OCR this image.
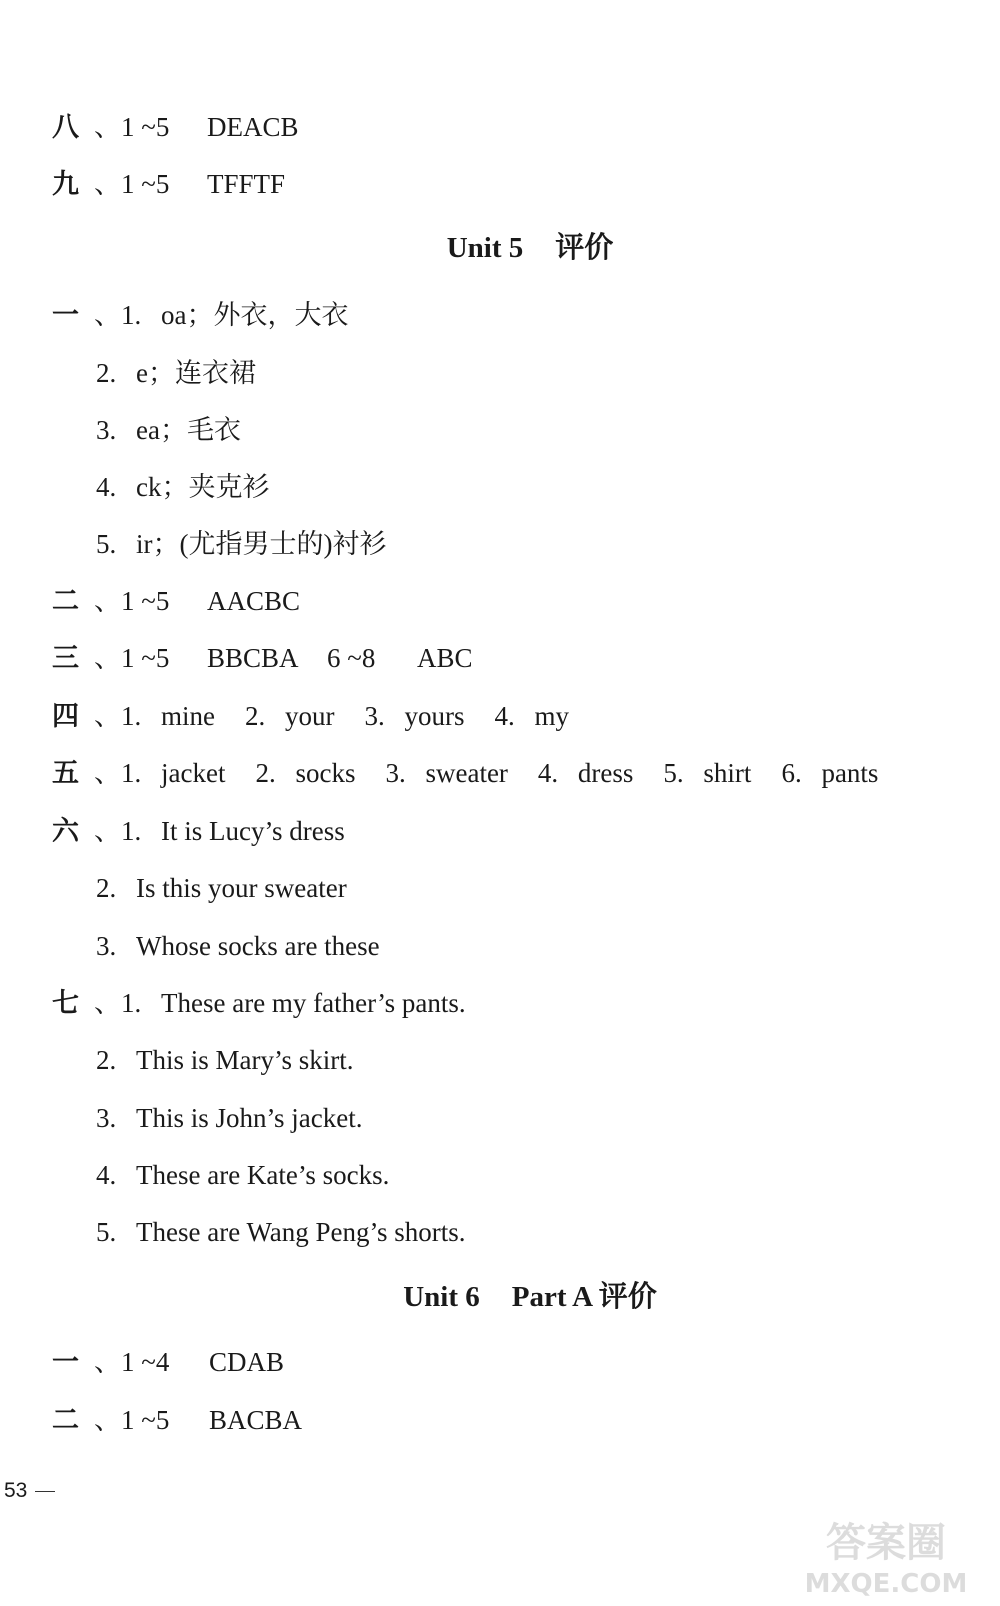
八 、1 ~5 DEACB
九 、1 ~5 TFFTF
Unit 5 评价
一 、1. oa；外衣，大衣
2. e；连衣裙
3. ea；毛衣
4. ck；夹克衫
5. ir；(尤指男士的)衬衫
二 、1 ~5 AACBC
三 、1 ~5 BBCBA 6 ~8 ABC
四 、1. mine 2. your 3. yours 4. my
五 、1. jacket 2. socks 3. sweater 4. dress 5. shirt 6. pants
六 、1. It is Lucy’s dress
2. Is this your sweater
3. Whose socks are these
七 、1. These are my father’s pants.
2. This is Mary’s skirt.
3. This is John’s jacket.
4. These are Kate’s socks.
5. These are Wang Peng’s shorts.
Unit 6 Part A 评价
一 、1 ~4 CDAB
二 、1 ~5 BACBA
53
答案圈
MXQE.COM
